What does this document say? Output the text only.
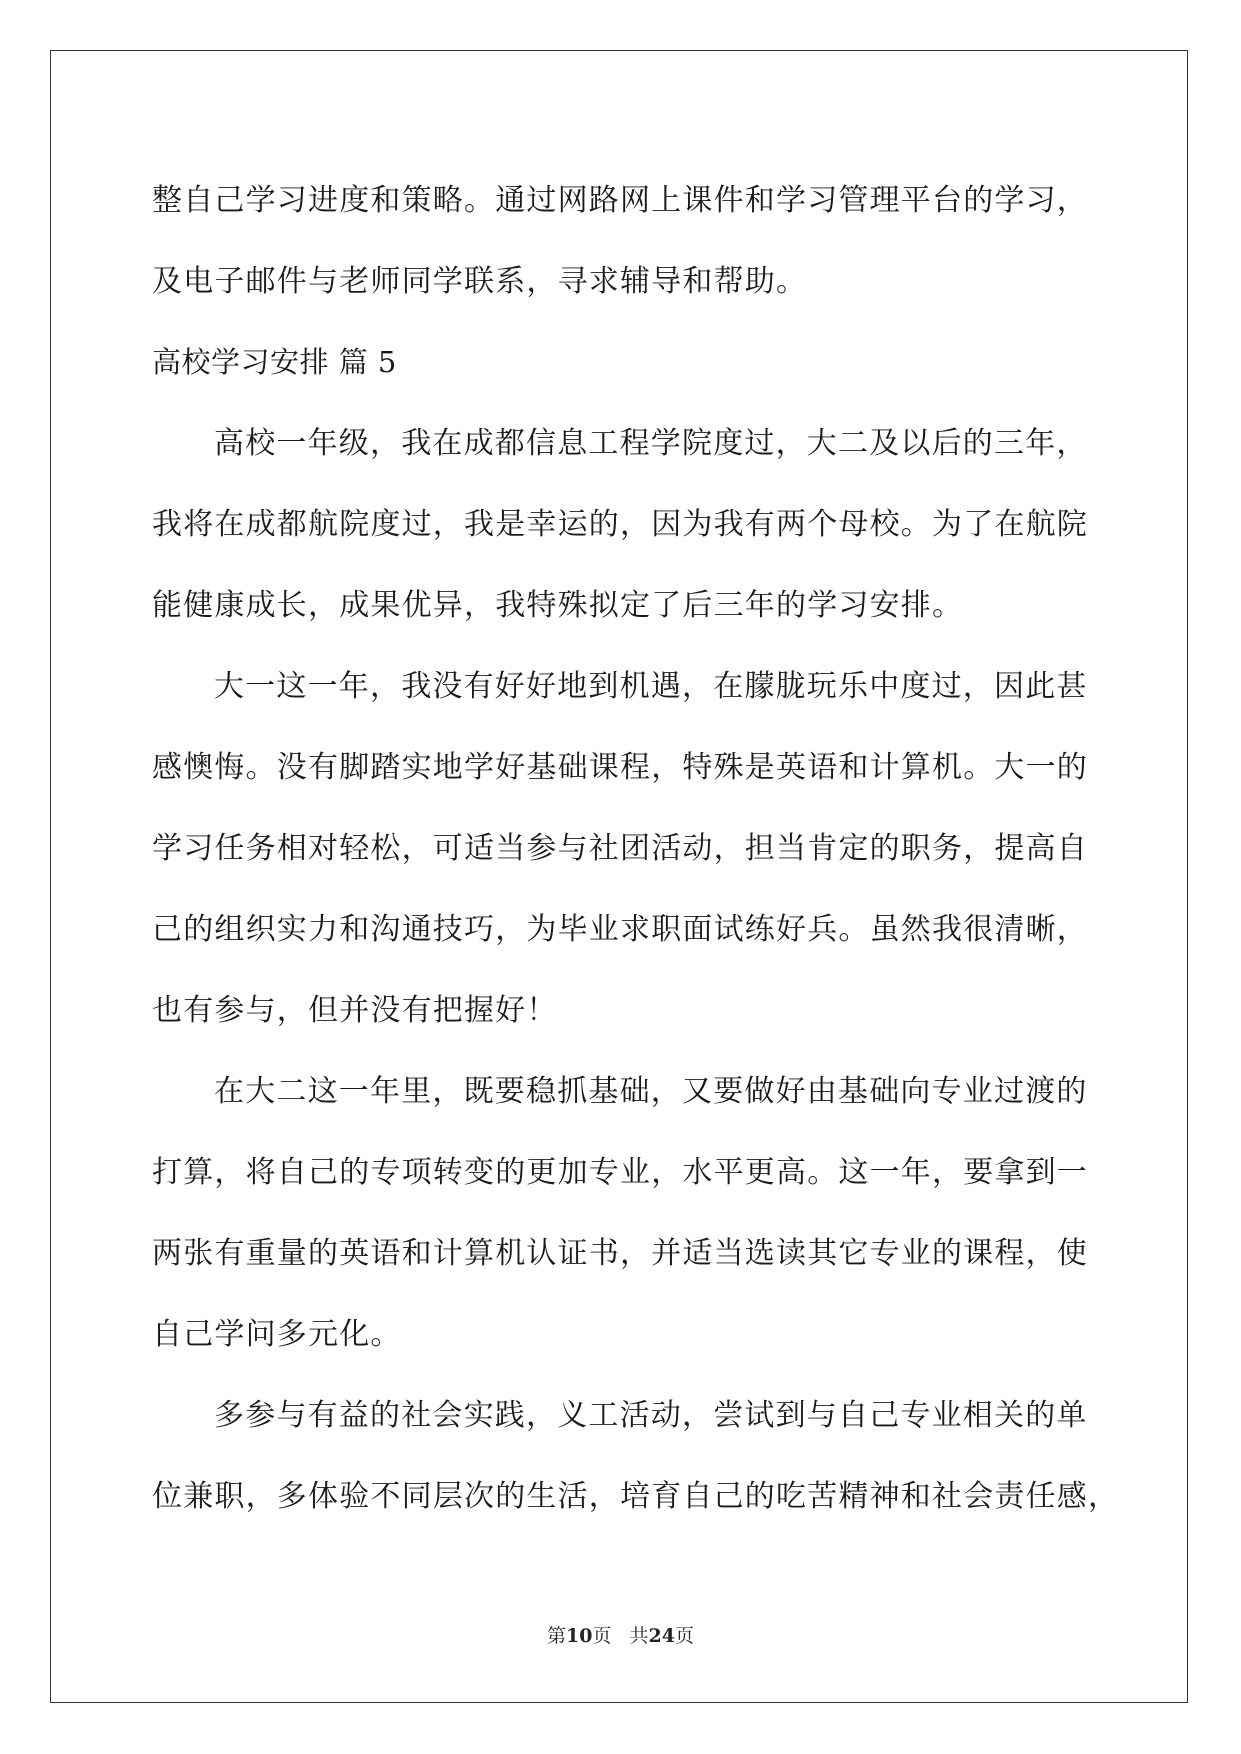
整自己学习进度和策略。通过网路网上课件和学习管理平台的学习，
及电子邮件与老师同学联系，寻求辅导和帮助。
高校学习安排 篇 5
高校一年级，我在成都信息工程学院度过，大二及以后的三年，
我将在成都航院度过，我是幸运的，因为我有两个母校。为了在航院
能健康成长，成果优异，我特殊拟定了后三年的学习安排。
大一这一年，我没有好好地到机遇，在朦胧玩乐中度过，因此甚
感懊悔。没有脚踏实地学好基础课程，特殊是英语和计算机。大一的
学习任务相对轻松，可适当参与社团活动，担当肯定的职务，提高自
己的组织实力和沟通技巧，为毕业求职面试练好兵。虽然我很清晰，
也有参与，但并没有把握好！
在大二这一年里，既要稳抓基础，又要做好由基础向专业过渡的
打算，将自己的专项转变的更加专业，水平更高。这一年，要拿到一
两张有重量的英语和计算机认证书，并适当选读其它专业的课程，使
自己学问多元化。
多参与有益的社会实践，义工活动，尝试到与自己专业相关的单
位兼职，多体验不同层次的生活，培育自己的吃苦精神和社会责任感，
第10页 共24页
